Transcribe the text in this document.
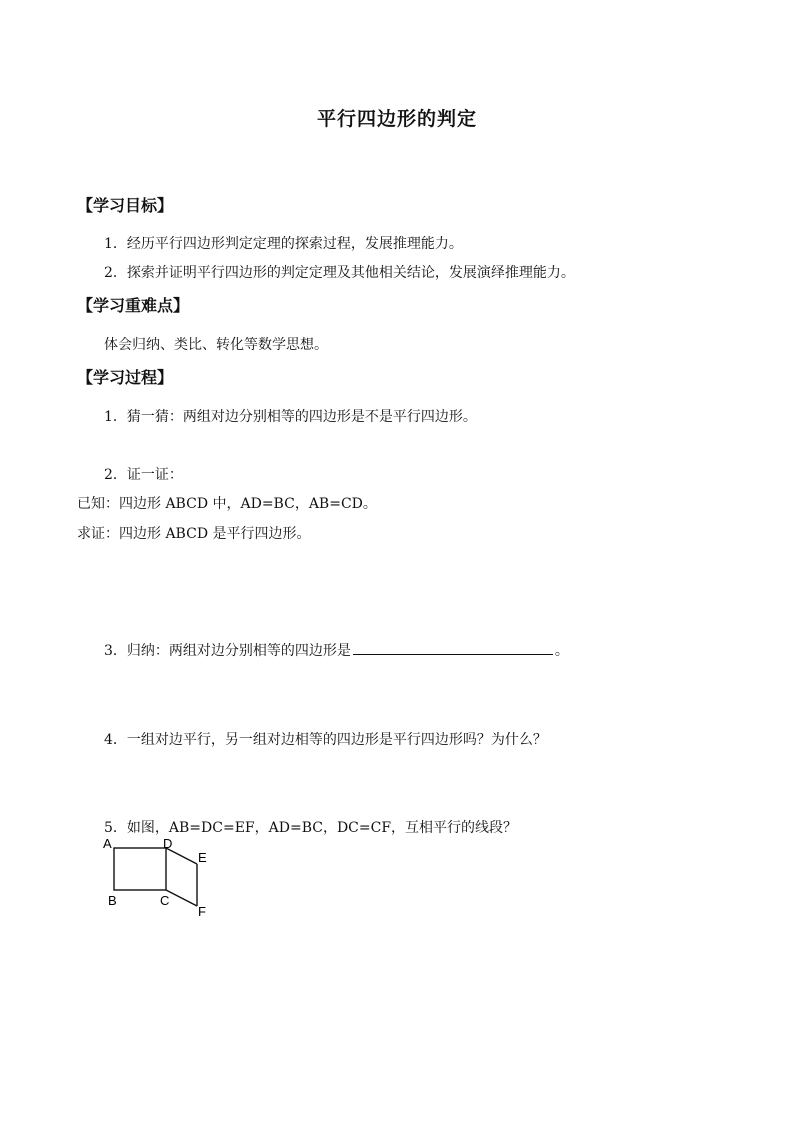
平行四边形的判定
【学习目标】
1．经历平行四边形判定定理的探索过程，发展推理能力。
2．探索并证明平行四边形的判定定理及其他相关结论，发展演绎推理能力。
【学习重难点】
体会归纳、类比、转化等数学思想。
【学习过程】
1．猜一猜：两组对边分别相等的四边形是不是平行四边形。
2．证一证：
已知：四边形 ABCD 中，AD=BC，AB=CD。
求证：四边形 ABCD 是平行四边形。
3．归纳：两组对边分别相等的四边形是	。
4．一组对边平行，另一组对边相等的四边形是平行四边形吗？为什么？
5．如图，AB=DC=EF，AD=BC，DC=CF，互相平行的线段？
A	D
E
B	C
F
